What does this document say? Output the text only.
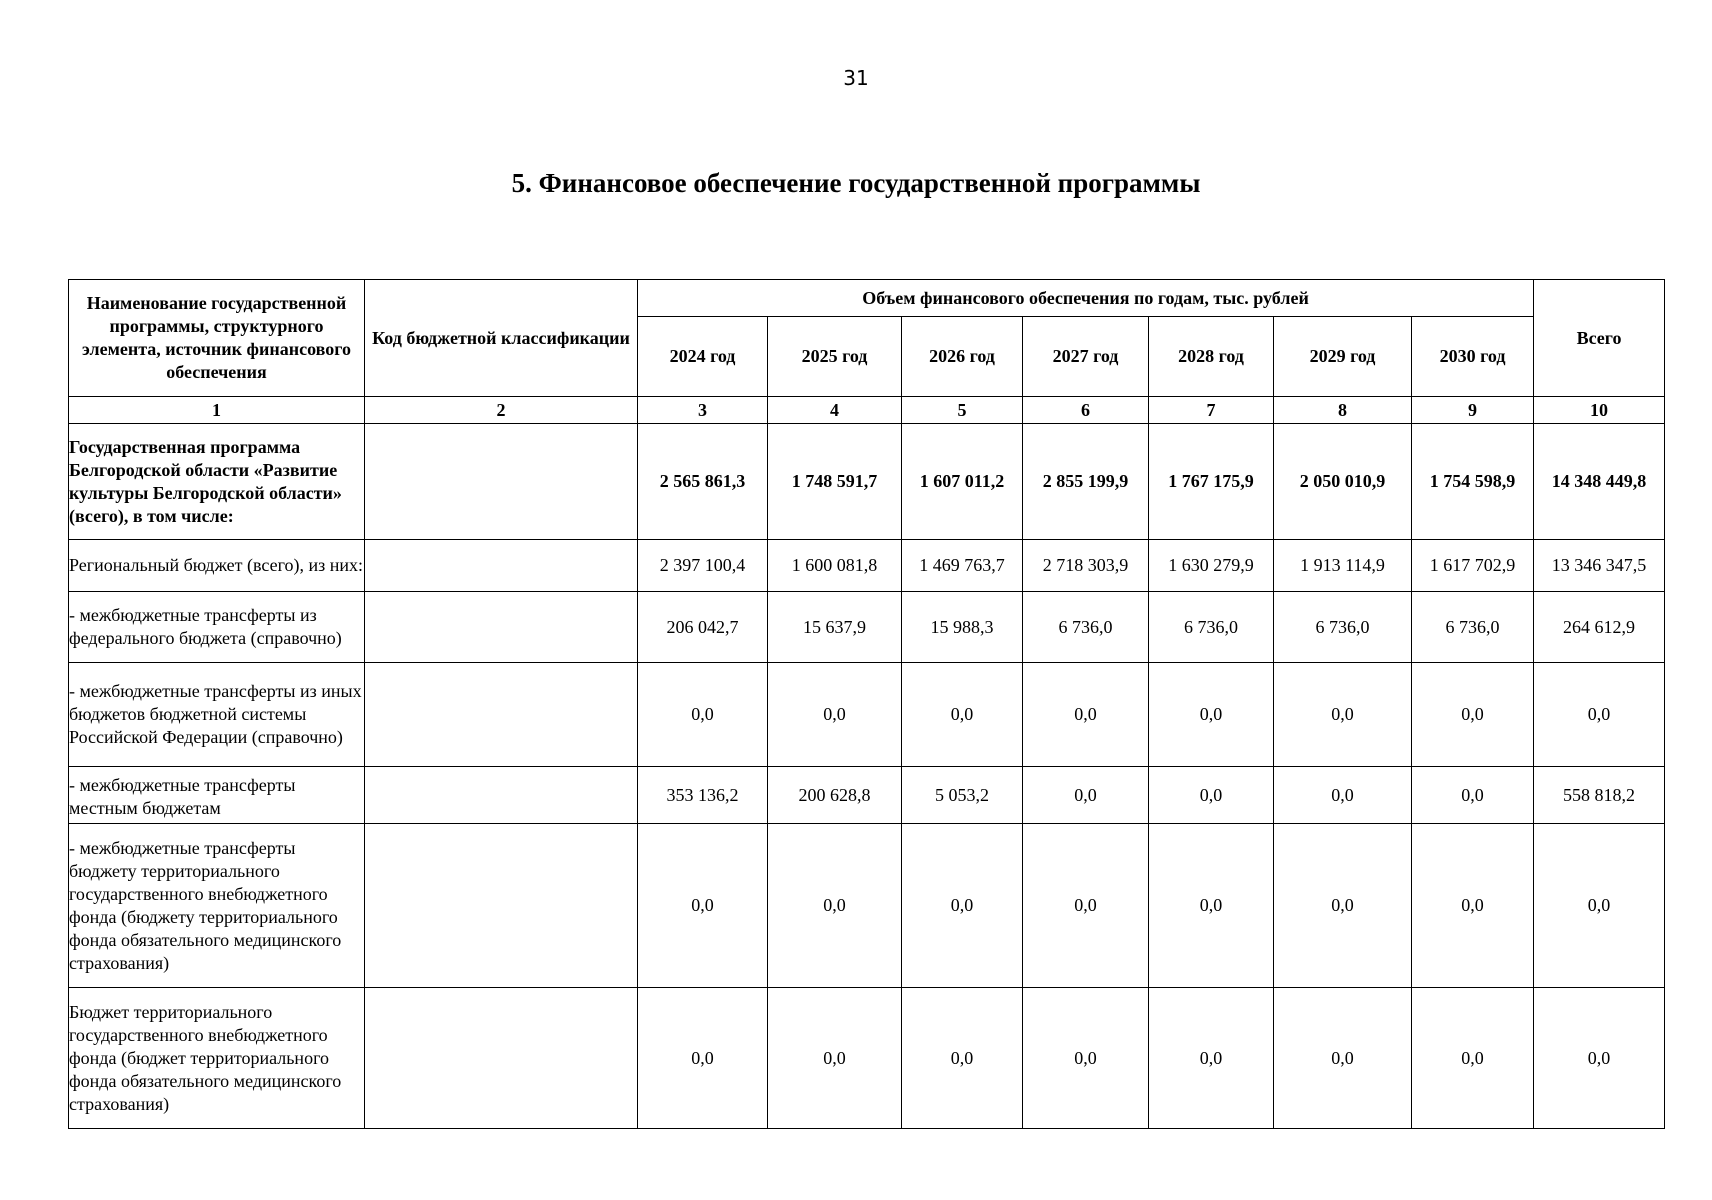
31
5. Финансовое обеспечение государственной программы
Наименование государственной программы, структурного элемента, источник финансового обеспечения	Код бюджетной классификации	Объем финансового обеспечения по годам, тыс. рублей							Всего
		2024 год	2025 год	2026 год	2027 год	2028 год	2029 год	2030 год	
1	2	3	4	5	6	7	8	9	10
Государственная программа Белгородской области «Развитие культуры Белгородской области» (всего), в том числе:		2 565 861,3	1 748 591,7	1 607 011,2	2 855 199,9	1 767 175,9	2 050 010,9	1 754 598,9	14 348 449,8
Региональный бюджет (всего), из них:		2 397 100,4	1 600 081,8	1 469 763,7	2 718 303,9	1 630 279,9	1 913 114,9	1 617 702,9	13 346 347,5
- межбюджетные трансферты из федерального бюджета (справочно)		206 042,7	15 637,9	15 988,3	6 736,0	6 736,0	6 736,0	6 736,0	264 612,9
- межбюджетные трансферты из иных бюджетов бюджетной системы Российской Федерации (справочно)		0,0	0,0	0,0	0,0	0,0	0,0	0,0	0,0
- межбюджетные трансферты местным бюджетам		353 136,2	200 628,8	5 053,2	0,0	0,0	0,0	0,0	558 818,2
- межбюджетные трансферты бюджету территориального государственного внебюджетного фонда (бюджету территориального фонда обязательного медицинского страхования)		0,0	0,0	0,0	0,0	0,0	0,0	0,0	0,0
Бюджет территориального государственного внебюджетного фонда (бюджет территориального фонда обязательного медицинского страхования)		0,0	0,0	0,0	0,0	0,0	0,0	0,0	0,0
